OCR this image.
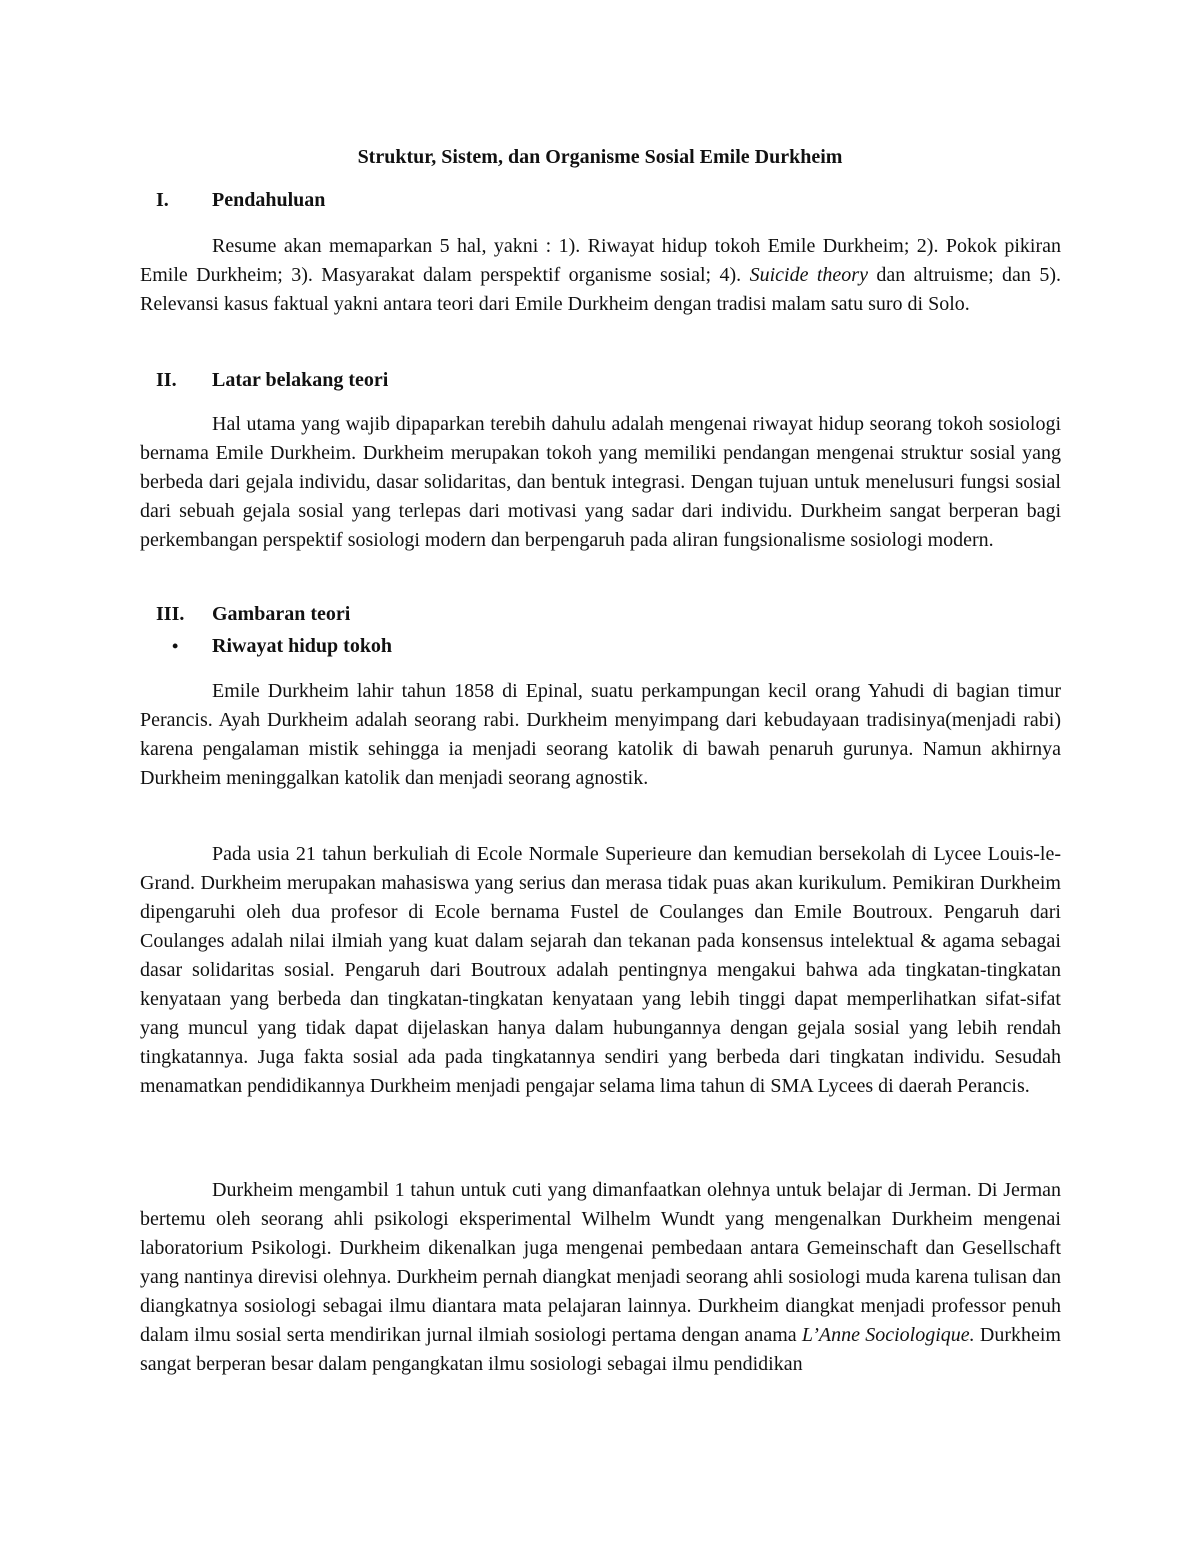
Struktur, Sistem, dan Organisme Sosial Emile Durkheim
I. Pendahuluan

Resume akan memaparkan 5 hal, yakni : 1). Riwayat hidup tokoh Emile Durkheim; 2). Pokok pikiran Emile Durkheim; 3). Masyarakat dalam perspektif organisme sosial; 4). Suicide theory dan altruisme; dan 5). Relevansi kasus faktual yakni antara teori dari Emile Durkheim dengan tradisi malam satu suro di Solo.

II. Latar belakang teori

Hal utama yang wajib dipaparkan terebih dahulu adalah mengenai riwayat hidup seorang tokoh sosiologi bernama Emile Durkheim. Durkheim merupakan tokoh yang memiliki pendangan mengenai struktur sosial yang berbeda dari gejala individu, dasar solidaritas, dan bentuk integrasi. Dengan tujuan untuk menelusuri fungsi sosial dari sebuah gejala sosial yang terlepas dari motivasi yang sadar dari individu. Durkheim sangat berperan bagi perkembangan perspektif sosiologi modern dan berpengaruh pada aliran fungsionalisme sosiologi modern.

III. Gambaran teori
• Riwayat hidup tokoh

Emile Durkheim lahir tahun 1858 di Epinal, suatu perkampungan kecil orang Yahudi di bagian timur Perancis. Ayah Durkheim adalah seorang rabi. Durkheim menyimpang dari kebudayaan tradisinya(menjadi rabi) karena pengalaman mistik sehingga ia menjadi seorang katolik di bawah penaruh gurunya. Namun akhirnya Durkheim meninggalkan katolik dan menjadi seorang agnostik.

Pada usia 21 tahun berkuliah di Ecole Normale Superieure dan kemudian bersekolah di Lycee Louis-le-Grand. Durkheim merupakan mahasiswa yang serius dan merasa tidak puas akan kurikulum. Pemikiran Durkheim dipengaruhi oleh dua profesor di Ecole bernama Fustel de Coulanges dan Emile Boutroux. Pengaruh dari Coulanges adalah nilai ilmiah yang kuat dalam sejarah dan tekanan pada konsensus intelektual & agama sebagai dasar solidaritas sosial. Pengaruh dari Boutroux adalah pentingnya mengakui bahwa ada tingkatan-tingkatan kenyataan yang berbeda dan tingkatan-tingkatan kenyataan yang lebih tinggi dapat memperlihatkan sifat-sifat yang muncul yang tidak dapat dijelaskan hanya dalam hubungannya dengan gejala sosial yang lebih rendah tingkatannya. Juga fakta sosial ada pada tingkatannya sendiri yang berbeda dari tingkatan individu. Sesudah menamatkan pendidikannya Durkheim menjadi pengajar selama lima tahun di SMA Lycees di daerah Perancis.

Durkheim mengambil 1 tahun untuk cuti yang dimanfaatkan olehnya untuk belajar di Jerman. Di Jerman bertemu oleh seorang ahli psikologi eksperimental Wilhelm Wundt yang mengenalkan Durkheim mengenai laboratorium Psikologi. Durkheim dikenalkan juga mengenai pembedaan antara Gemeinschaft dan Gesellschaft yang nantinya direvisi olehnya. Durkheim pernah diangkat menjadi seorang ahli sosiologi muda karena tulisan dan diangkatnya sosiologi sebagai ilmu diantara mata pelajaran lainnya. Durkheim diangkat menjadi professor penuh dalam ilmu sosial serta mendirikan jurnal ilmiah sosiologi pertama dengan anama L’Anne Sociologique. Durkheim sangat berperan besar dalam pengangkatan ilmu sosiologi sebagai ilmu pendidikan
